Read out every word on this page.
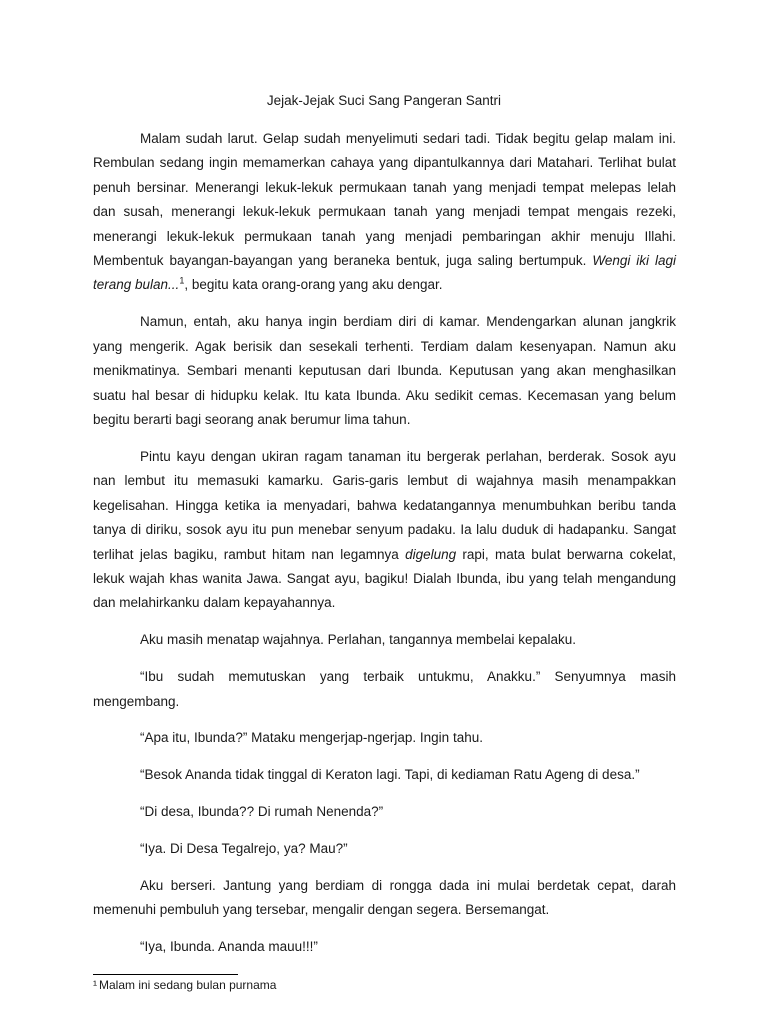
Jejak-Jejak Suci Sang Pangeran Santri

Malam sudah larut. Gelap sudah menyelimuti sedari tadi. Tidak begitu gelap malam ini. Rembulan sedang ingin memamerkan cahaya yang dipantulkannya dari Matahari. Terlihat bulat penuh bersinar. Menerangi lekuk-lekuk permukaan tanah yang menjadi tempat melepas lelah dan susah, menerangi lekuk-lekuk permukaan tanah yang menjadi tempat mengais rezeki, menerangi lekuk-lekuk permukaan tanah yang menjadi pembaringan akhir menuju Illahi. Membentuk bayangan-bayangan yang beraneka bentuk, juga saling bertumpuk. Wengi iki lagi terang bulan...$^1$, begitu kata orang-orang yang aku dengar.

Namun, entah, aku hanya ingin berdiam diri di kamar. Mendengarkan alunan jangkrik yang mengerik. Agak berisik dan sesekali terhenti. Terdiam dalam kesenyapan. Namun aku menikmatinya. Sembari menanti keputusan dari Ibunda. Keputusan yang akan menghasilkan suatu hal besar di hidupku kelak. Itu kata Ibunda. Aku sedikit cemas. Kecemasan yang belum begitu berarti bagi seorang anak berumur lima tahun.

Pintu kayu dengan ukiran ragam tanaman itu bergerak perlahan, berderak. Sosok ayu nan lembut itu memasuki kamarku. Garis-garis lembut di wajahnya masih menampakkan kegelisahan. Hingga ketika ia menyadari, bahwa kedatangannya menumbuhkan beribu tanda tanya di diriku, sosok ayu itu pun menebar senyum padaku. Ia lalu duduk di hadapanku. Sangat terlihat jelas bagiku, rambut hitam nan legamnya digelung rapi, mata bulat berwarna cokelat, lekuk wajah khas wanita Jawa. Sangat ayu, bagiku! Dialah Ibunda, ibu yang telah mengandung dan melahirkanku dalam kepayahannya.

Aku masih menatap wajahnya. Perlahan, tangannya membelai kepalaku.

“Ibu sudah memutuskan yang terbaik untukmu, Anakku.” Senyumnya masih mengembang.

“Apa itu, Ibunda?” Mataku mengerjap-ngerjap. Ingin tahu.

“Besok Ananda tidak tinggal di Keraton lagi. Tapi, di kediaman Ratu Ageng di desa.”

“Di desa, Ibunda?? Di rumah Nenenda?”

“Iya. Di Desa Tegalrejo, ya? Mau?”

Aku berseri. Jantung yang berdiam di rongga dada ini mulai berdetak cepat, darah memenuhi pembuluh yang tersebar, mengalir dengan segera. Bersemangat.

“Iya, Ibunda. Ananda mauu!!!”

¹ Malam ini sedang bulan purnama
